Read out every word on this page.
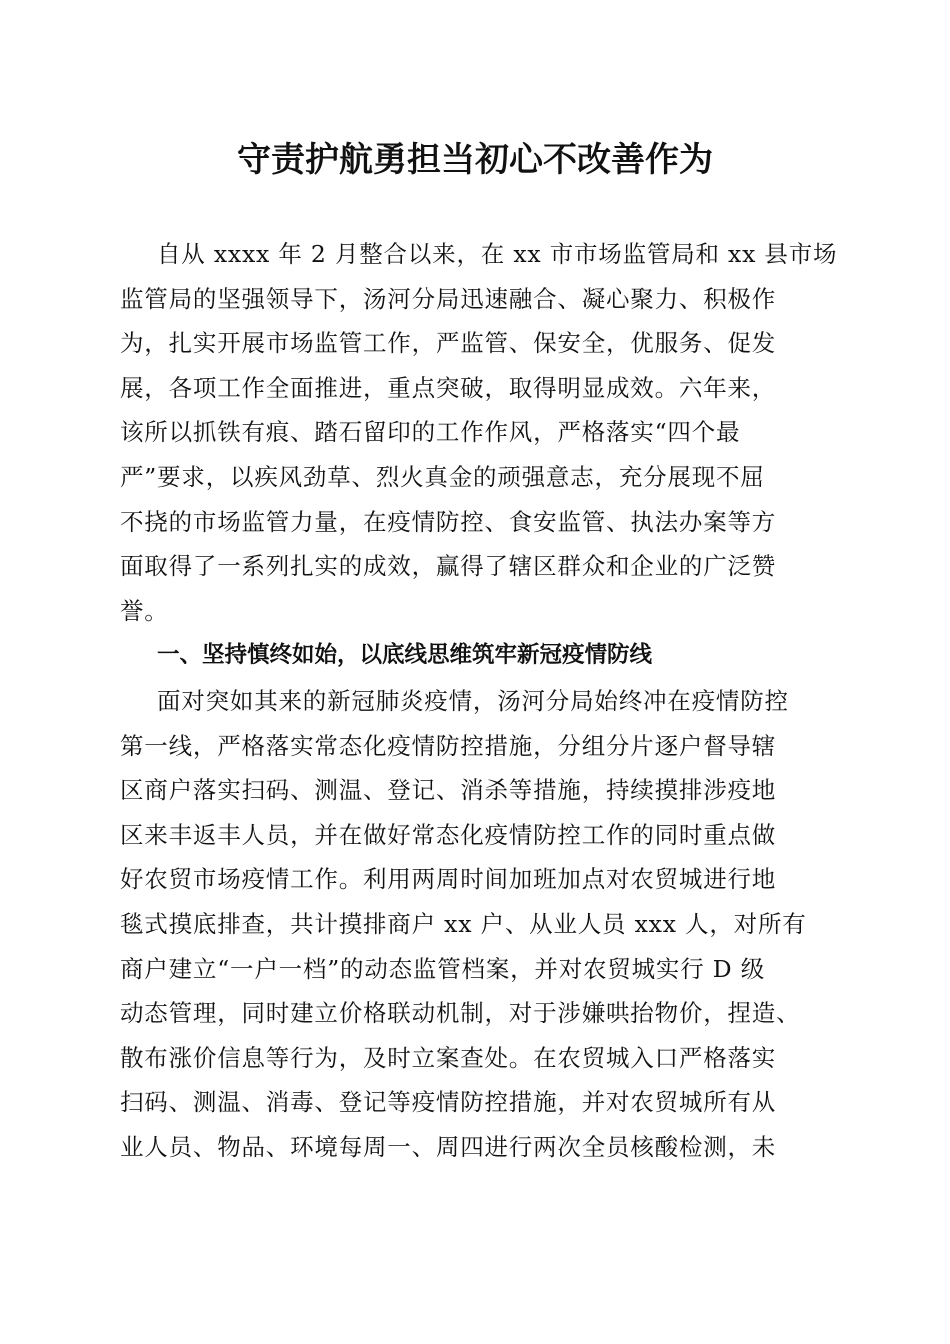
守责护航勇担当初心不改善作为
自从 xxxx 年 2 月整合以来，在 xx 市市场监管局和 xx 县市场
监管局的坚强领导下，汤河分局迅速融合、凝心聚力、积极作
为，扎实开展市场监管工作，严监管、保安全，优服务、促发
展，各项工作全面推进，重点突破，取得明显成效。六年来，
该所以抓铁有痕、踏石留印的工作作风，严格落实“四个最
严”要求，以疾风劲草、烈火真金的顽强意志，充分展现不屈
不挠的市场监管力量，在疫情防控、食安监管、执法办案等方
面取得了一系列扎实的成效，赢得了辖区群众和企业的广泛赞
誉。
一、坚持慎终如始，以底线思维筑牢新冠疫情防线
面对突如其来的新冠肺炎疫情，汤河分局始终冲在疫情防控
第一线，严格落实常态化疫情防控措施，分组分片逐户督导辖
区商户落实扫码、测温、登记、消杀等措施，持续摸排涉疫地
区来丰返丰人员，并在做好常态化疫情防控工作的同时重点做
好农贸市场疫情工作。利用两周时间加班加点对农贸城进行地
毯式摸底排查，共计摸排商户 xx 户、从业人员 xxx 人，对所有
商户建立“一户一档”的动态监管档案，并对农贸城实行 D 级
动态管理，同时建立价格联动机制，对于涉嫌哄抬物价，捏造、
散布涨价信息等行为，及时立案查处。在农贸城入口严格落实
扫码、测温、消毒、登记等疫情防控措施，并对农贸城所有从
业人员、物品、环境每周一、周四进行两次全员核酸检测，未
